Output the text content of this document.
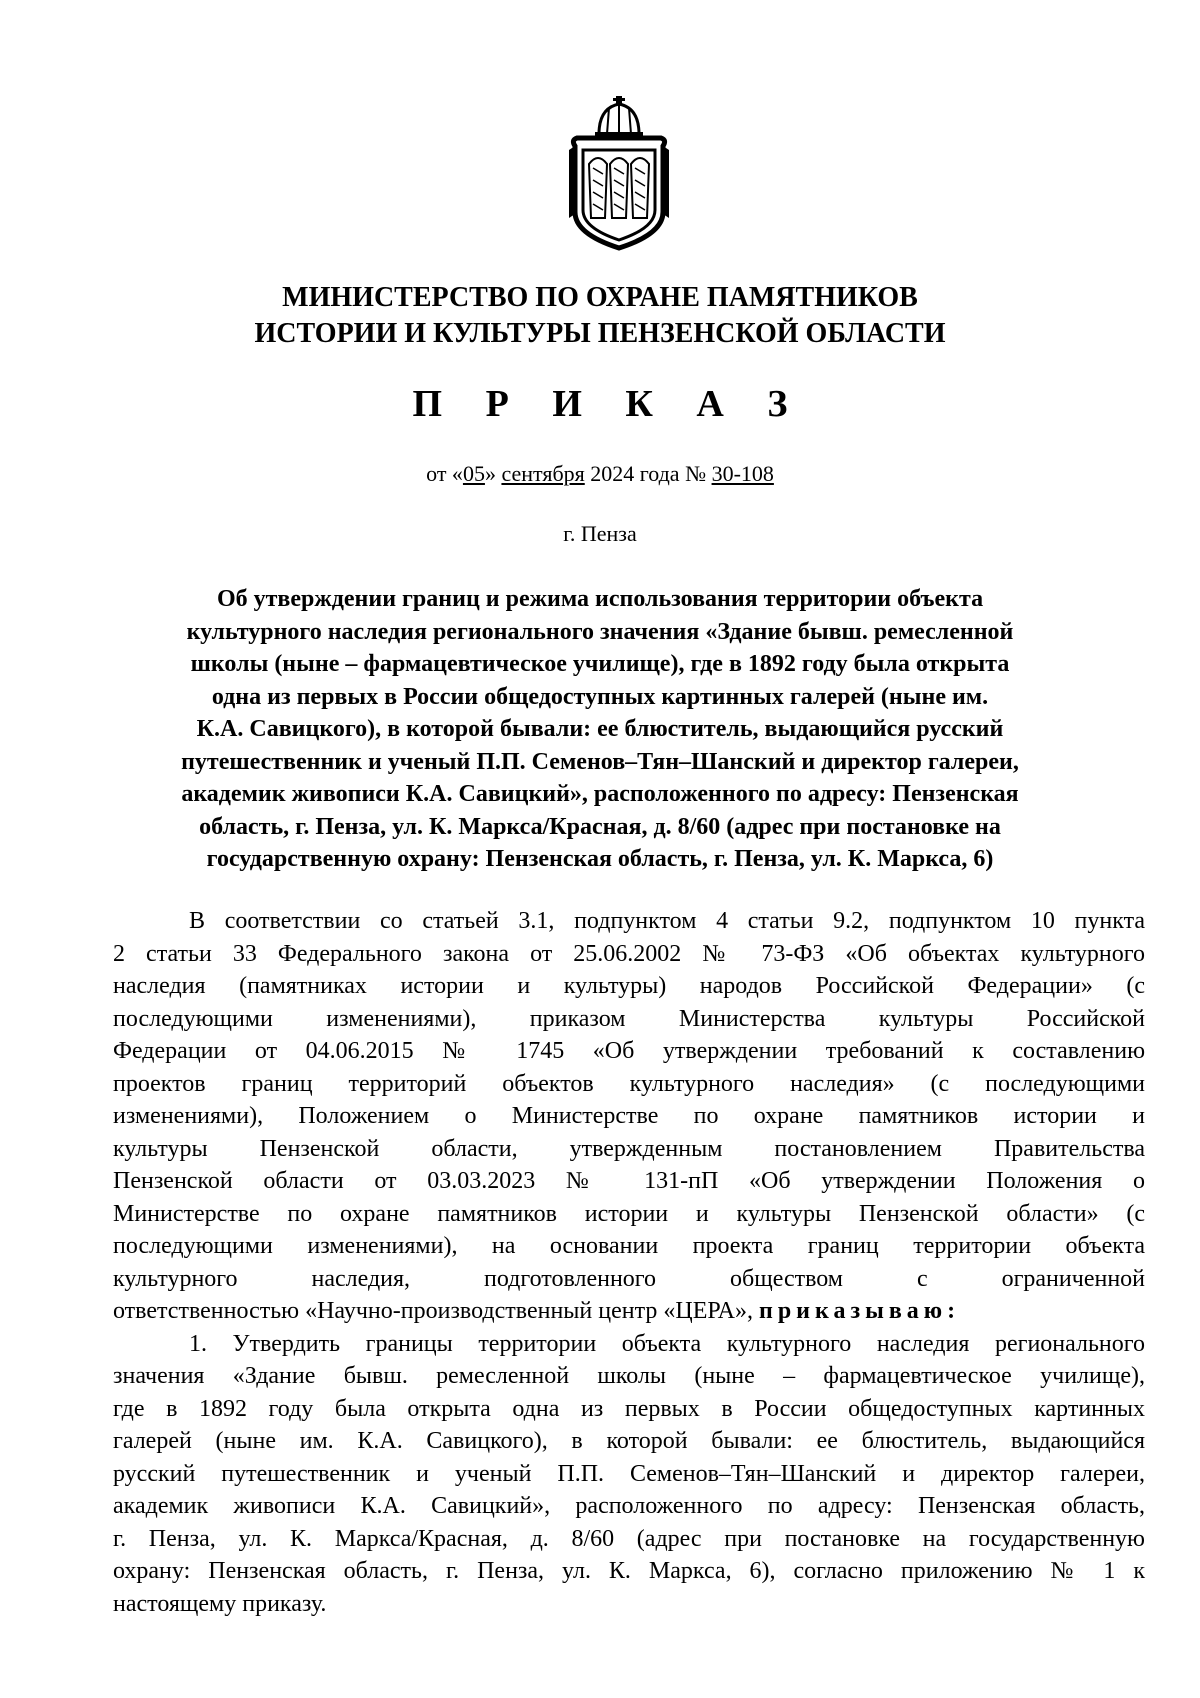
МИНИСТЕРСТВО ПО ОХРАНЕ ПАМЯТНИКОВ
ИСТОРИИ И КУЛЬТУРЫ ПЕНЗЕНСКОЙ ОБЛАСТИ
П Р И К А З
от «05» сентября 2024 года № 30-108
г. Пенза
Об утверждении границ и режима использования территории объекта
культурного наследия регионального значения «Здание бывш. ремесленной
школы (ныне – фармацевтическое училище), где в 1892 году была открыта
одна из первых в России общедоступных картинных галерей (ныне им.
К.А. Савицкого), в которой бывали: ее блюститель, выдающийся русский
путешественник и ученый П.П. Семенов–Тян–Шанский и директор галереи,
академик живописи К.А. Савицкий», расположенного по адресу: Пензенская
область, г. Пенза, ул. К. Маркса/Красная, д. 8/60 (адрес при постановке на
государственную охрану: Пензенская область, г. Пенза, ул. К. Маркса, 6)
В соответствии со статьей 3.1, подпунктом 4 статьи 9.2, подпунктом 10 пункта
2 статьи 33 Федерального закона от 25.06.2002 № 73-ФЗ «Об объектах культурного
наследия (памятниках истории и культуры) народов Российской Федерации» (с
последующими изменениями), приказом Министерства культуры Российской
Федерации от 04.06.2015 № 1745 «Об утверждении требований к составлению
проектов границ территорий объектов культурного наследия» (с последующими
изменениями), Положением о Министерстве по охране памятников истории и
культуры Пензенской области, утвержденным постановлением Правительства
Пензенской области от 03.03.2023 № 131-пП «Об утверждении Положения о
Министерстве по охране памятников истории и культуры Пензенской области» (с
последующими изменениями), на основании проекта границ территории объекта
культурного наследия, подготовленного обществом с ограниченной
ответственностью «Научно-производственный центр «ЦЕРА», приказываю:
1. Утвердить границы территории объекта культурного наследия регионального
значения «Здание бывш. ремесленной школы (ныне – фармацевтическое училище),
где в 1892 году была открыта одна из первых в России общедоступных картинных
галерей (ныне им. К.А. Савицкого), в которой бывали: ее блюститель, выдающийся
русский путешественник и ученый П.П. Семенов–Тян–Шанский и директор галереи,
академик живописи К.А. Савицкий», расположенного по адресу: Пензенская область,
г. Пенза, ул. К. Маркса/Красная, д. 8/60 (адрес при постановке на государственную
охрану: Пензенская область, г. Пенза, ул. К. Маркса, 6), согласно приложению № 1 к
настоящему приказу.
